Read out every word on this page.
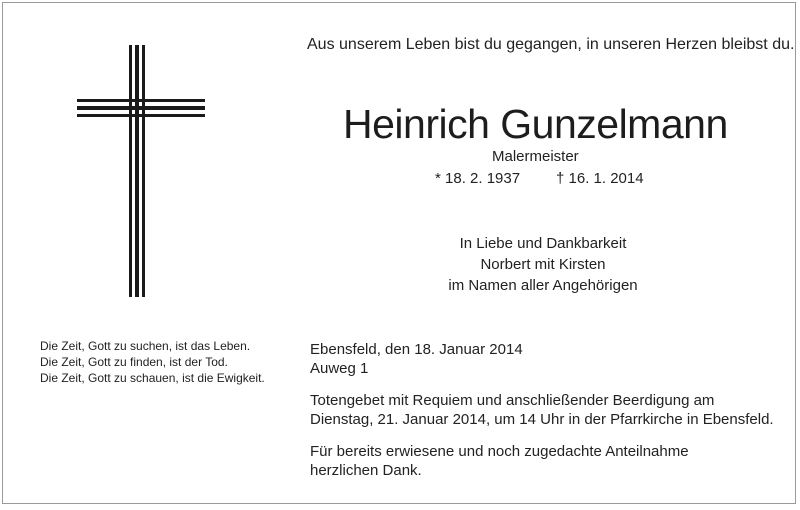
Aus unserem Leben bist du gegangen, in unseren Herzen bleibst du.
Heinrich Gunzelmann
Malermeister
* 18. 2. 1937 † 16. 1. 2014
In Liebe und Dankbarkeit
Norbert mit Kirsten
im Namen aller Angehörigen
Die Zeit, Gott zu suchen, ist das Leben.
Die Zeit, Gott zu finden, ist der Tod.
Die Zeit, Gott zu schauen, ist die Ewigkeit.
Ebensfeld, den 18. Januar 2014
Auweg 1
Totengebet mit Requiem und anschließender Beerdigung am
Dienstag, 21. Januar 2014, um 14 Uhr in der Pfarrkirche in Ebensfeld.
Für bereits erwiesene und noch zugedachte Anteilnahme
herzlichen Dank.
